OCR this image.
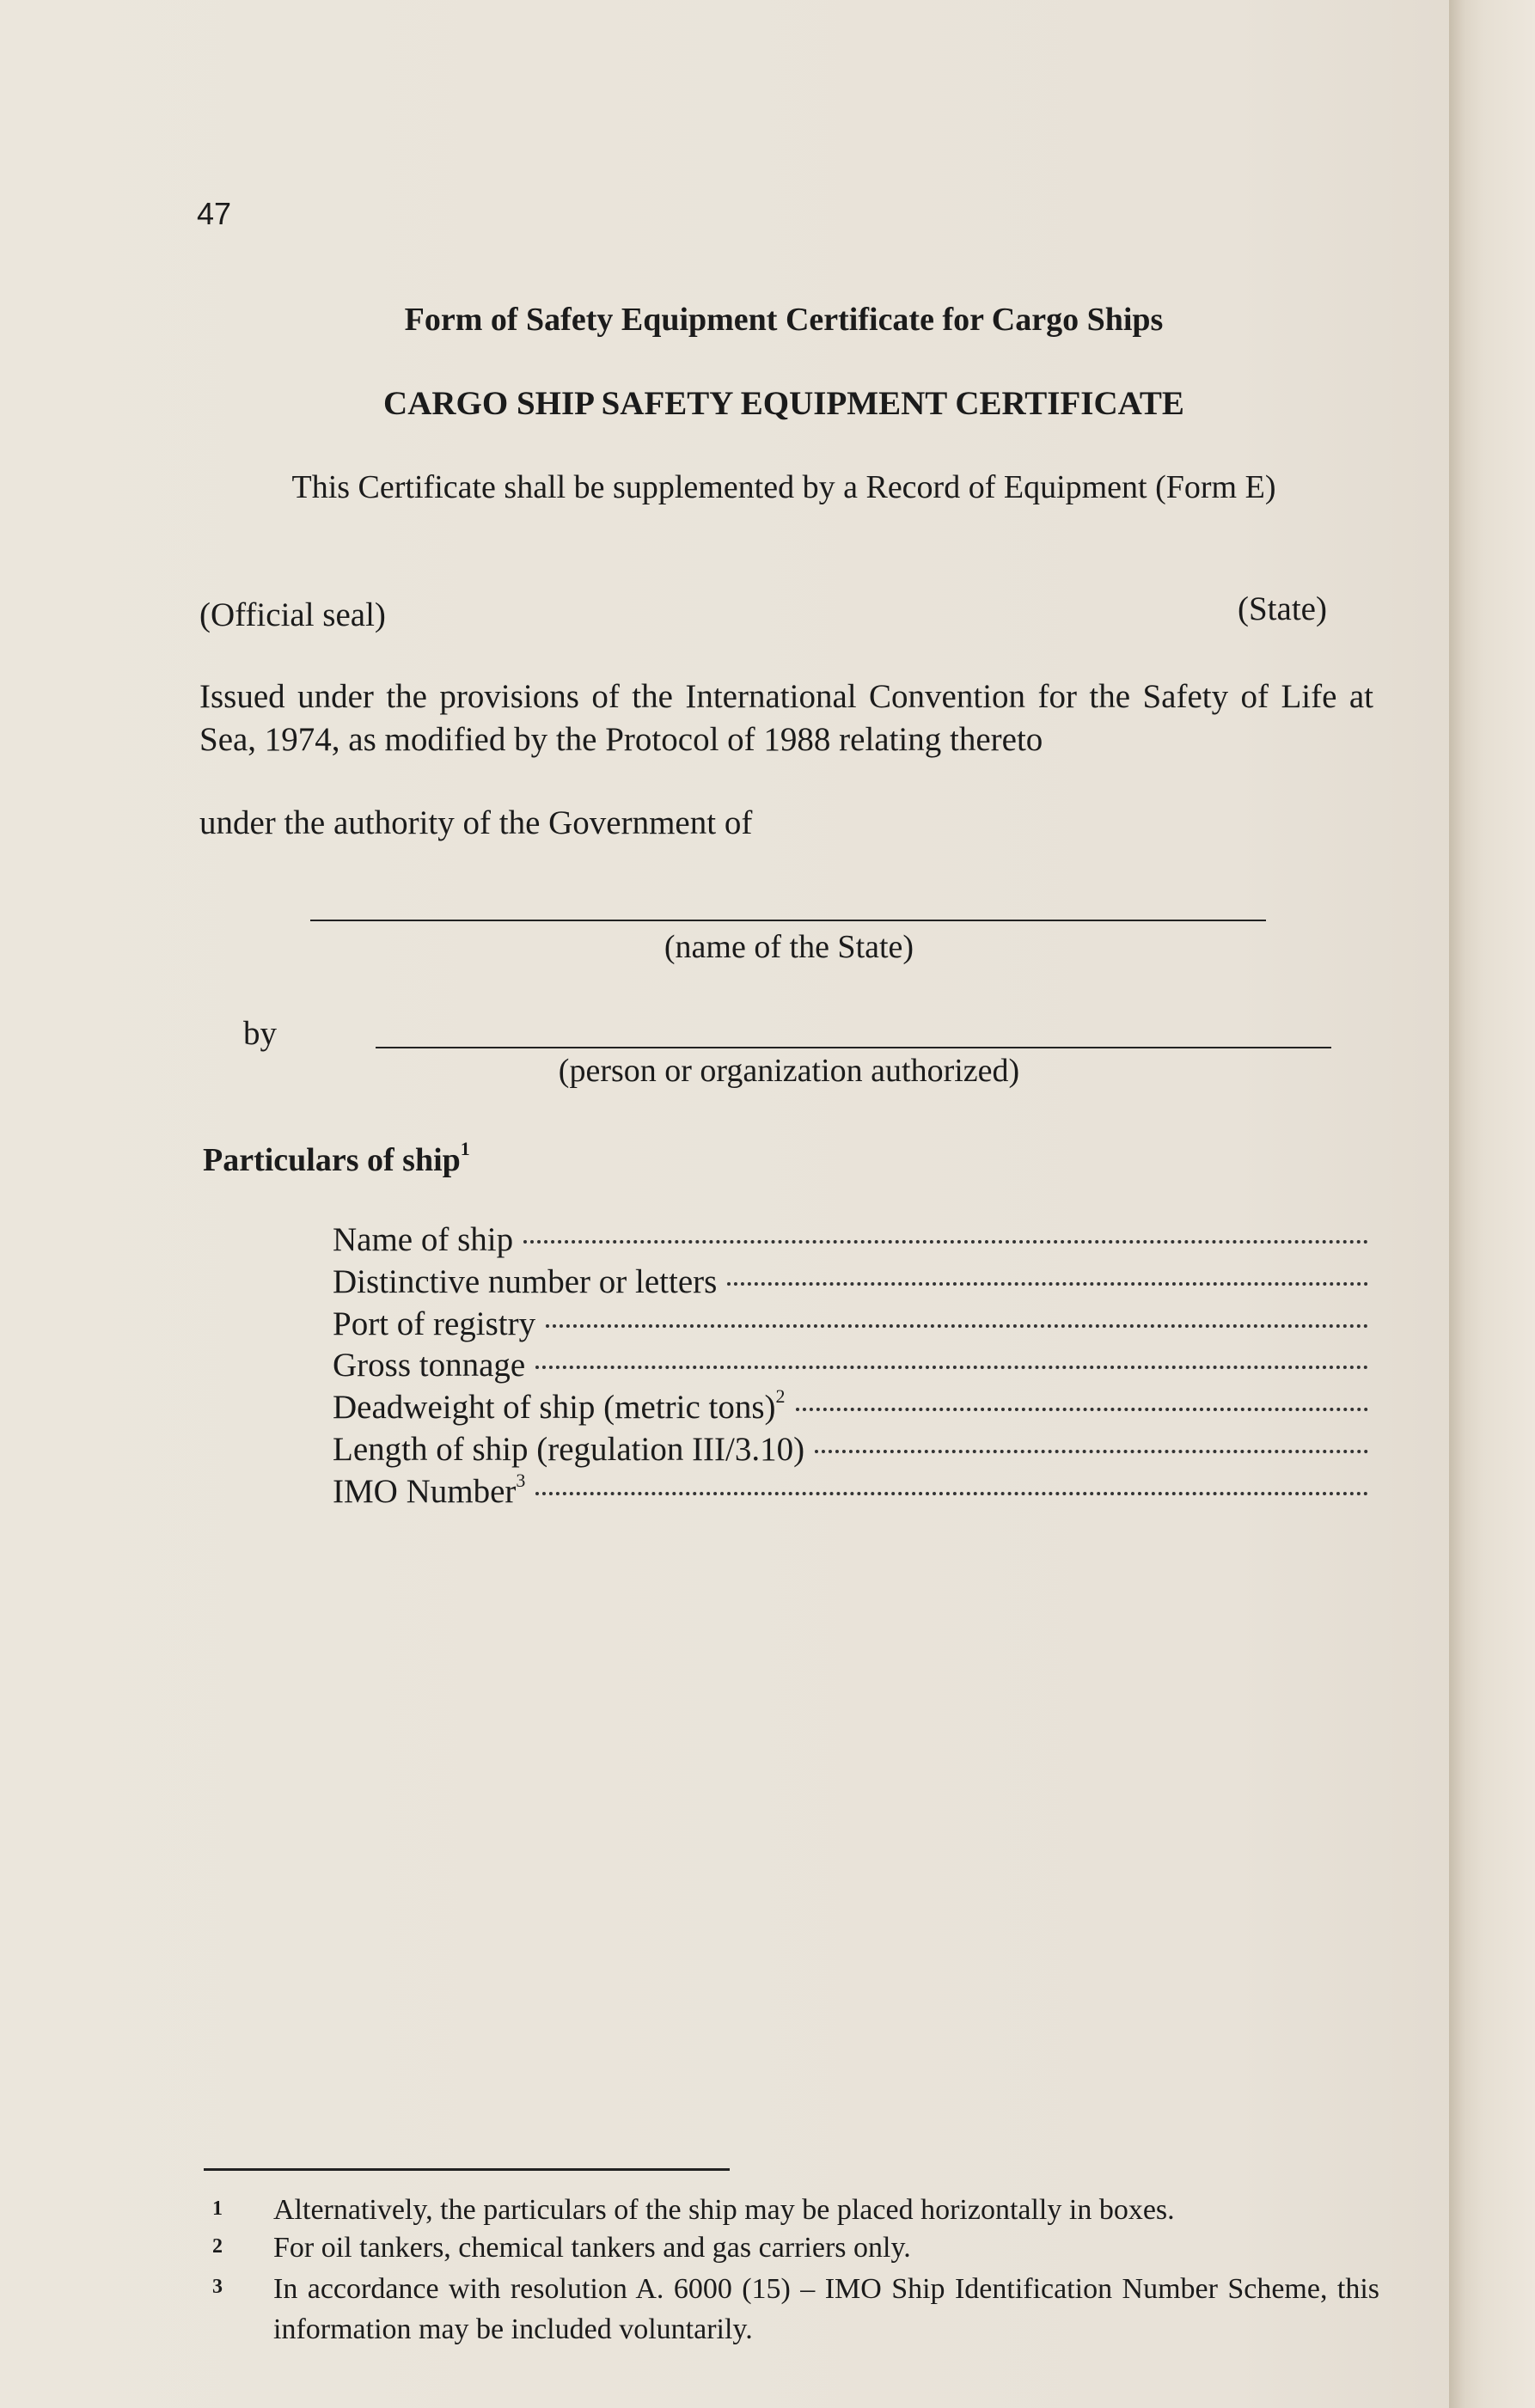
47
Form of Safety Equipment Certificate for Cargo Ships
CARGO SHIP SAFETY EQUIPMENT CERTIFICATE
This Certificate shall be supplemented by a Record of Equipment (Form E)
(Official seal)	(State)
Issued under the provisions of the International Convention for the Safety of Life at Sea, 1974, as modified by the Protocol of 1988 relating thereto
under the authority of the Government of
(name of the State)
by
(person or organization authorized)
Particulars of ship$^1$
Name of ship
Distinctive number or letters
Port of registry
Gross tonnage
Deadweight of ship (metric tons)$^2$
Length of ship (regulation III/3.10)
IMO Number$^3$
1 Alternatively, the particulars of the ship may be placed horizontally in boxes.
2 For oil tankers, chemical tankers and gas carriers only.
3 In accordance with resolution A. 6000 (15) – IMO Ship Identification Number Scheme, this information may be included voluntarily.
